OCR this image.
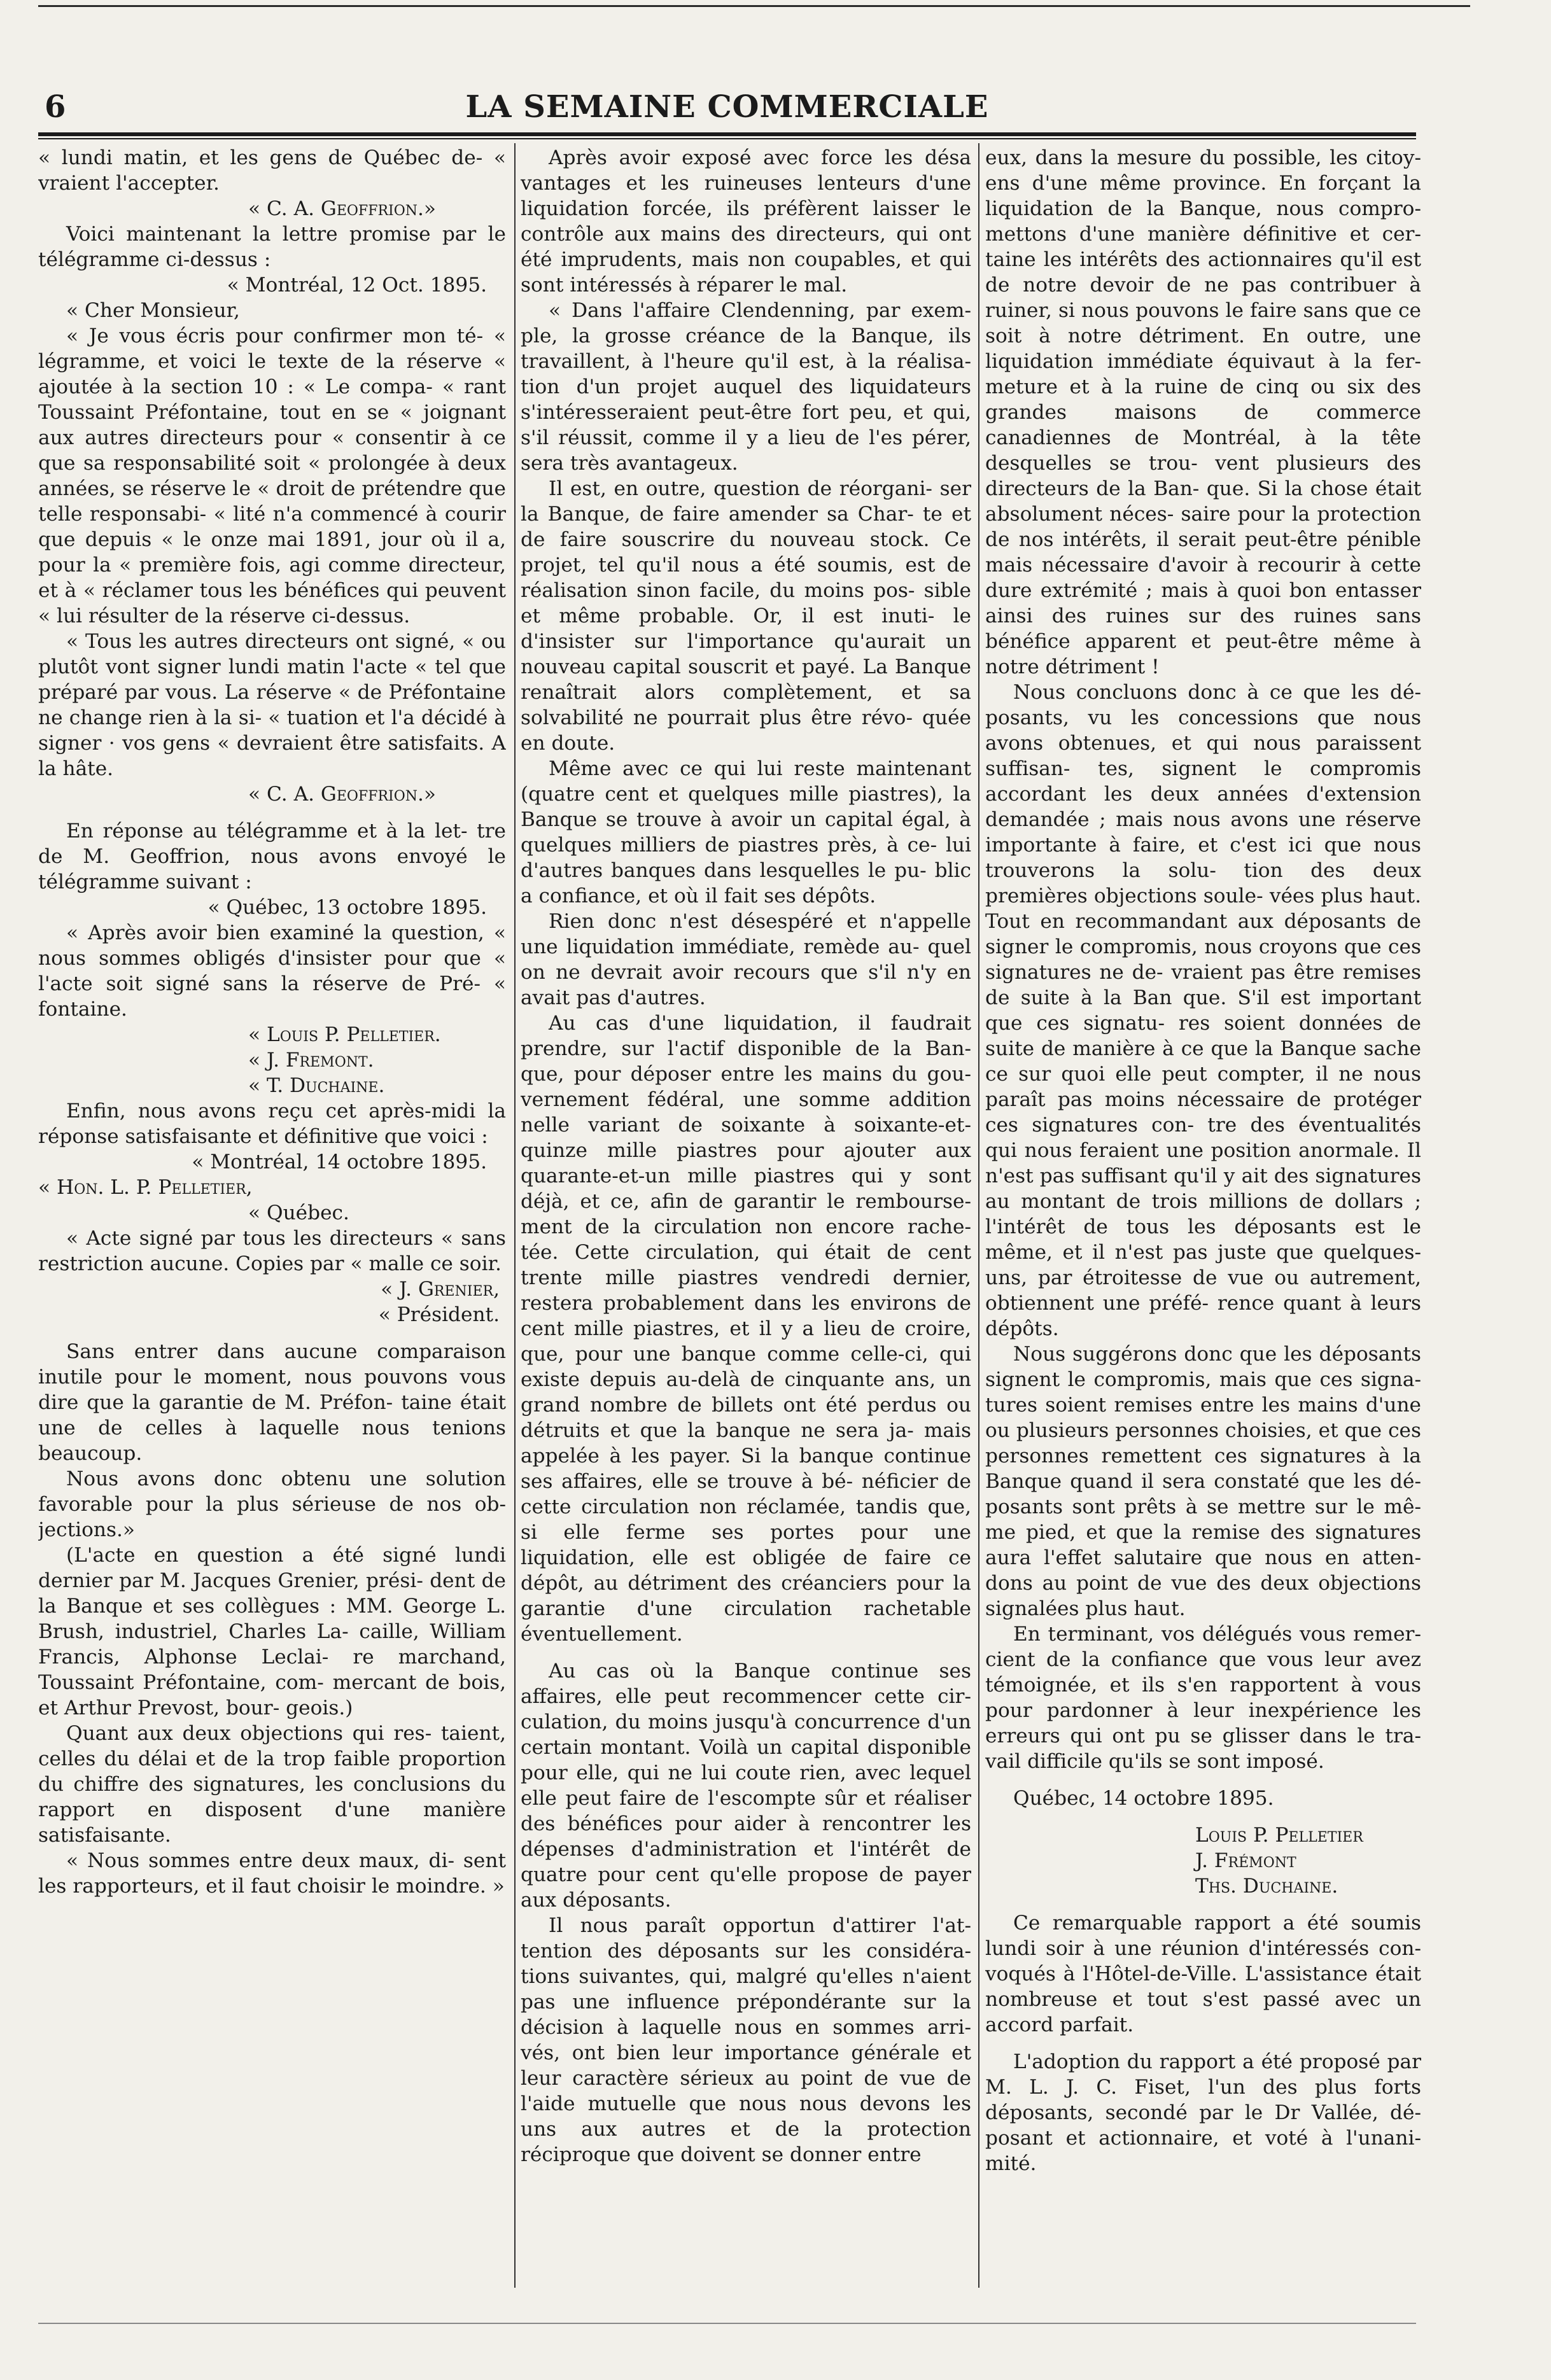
6	LA SEMAINE COMMERCIALE

« lundi matin, et les gens de Québec de- « vraient l'accepter.

« C. A. Geoffrion.»

Voici maintenant la lettre promise par le télégramme ci-dessus :

« Montréal, 12 Oct. 1895.

« Cher Monsieur,

« Je vous écris pour confirmer mon té- « légramme, et voici le texte de la réserve « ajoutée à la section 10 : « Le compa- « rant Toussaint Préfontaine, tout en se « joignant aux autres directeurs pour « consentir à ce que sa responsabilité soit « prolongée à deux années, se réserve le « droit de prétendre que telle responsabi- « lité n'a commencé à courir que depuis « le onze mai 1891, jour où il a, pour la « première fois, agi comme directeur, et à « réclamer tous les bénéfices qui peuvent « lui résulter de la réserve ci-dessus.

« Tous les autres directeurs ont signé, « ou plutôt vont signer lundi matin l'acte « tel que préparé par vous. La réserve « de Préfontaine ne change rien à la si- « tuation et l'a décidé à signer · vos gens « devraient être satisfaits. A la hâte.

« C. A. Geoffrion.»

En réponse au télégramme et à la let- tre de M. Geoffrion, nous avons envoyé le télégramme suivant :

« Québec, 13 octobre 1895.

« Après avoir bien examiné la question, « nous sommes obligés d'insister pour que « l'acte soit signé sans la réserve de Pré- « fontaine.

« Louis P. Pelletier.

« J. Fremont.

« T. Duchaine.

Enfin, nous avons reçu cet après-midi la réponse satisfaisante et définitive que voici :

« Montréal, 14 octobre 1895.

« Hon. L. P. Pelletier,

« Québec.

« Acte signé par tous les directeurs « sans restriction aucune. Copies par « malle ce soir.

« J. Grenier,

« Président.

Sans entrer dans aucune comparaison inutile pour le moment, nous pouvons vous dire que la garantie de M. Préfon- taine était une de celles à laquelle nous tenions beaucoup.

Nous avons donc obtenu une solution favorable pour la plus sérieuse de nos ob- jections.»

(L'acte en question a été signé lundi dernier par M. Jacques Grenier, prési- dent de la Banque et ses collègues : MM. George L. Brush, industriel, Charles La- caille, William Francis, Alphonse Leclai- re marchand, Toussaint Préfontaine, com- mercant de bois, et Arthur Prevost, bour- geois.)

Quant aux deux objections qui res- taient, celles du délai et de la trop faible proportion du chiffre des signatures, les conclusions du rapport en disposent d'une manière satisfaisante.

« Nous sommes entre deux maux, di- sent les rapporteurs, et il faut choisir le moindre. »

Après avoir exposé avec force les désa vantages et les ruineuses lenteurs d'une liquidation forcée, ils préfèrent laisser le contrôle aux mains des directeurs, qui ont été imprudents, mais non coupables, et qui sont intéressés à réparer le mal.

« Dans l'affaire Clendenning, par exem- ple, la grosse créance de la Banque, ils travaillent, à l'heure qu'il est, à la réalisa- tion d'un projet auquel des liquidateurs s'intéresseraient peut-être fort peu, et qui, s'il réussit, comme il y a lieu de l'es pérer, sera très avantageux.

Il est, en outre, question de réorgani- ser la Banque, de faire amender sa Char- te et de faire souscrire du nouveau stock. Ce projet, tel qu'il nous a été soumis, est de réalisation sinon facile, du moins pos- sible et même probable. Or, il est inuti- le d'insister sur l'importance qu'aurait un nouveau capital souscrit et payé. La Banque renaîtrait alors complètement, et sa solvabilité ne pourrait plus être révo- quée en doute.

Même avec ce qui lui reste maintenant (quatre cent et quelques mille piastres), la Banque se trouve à avoir un capital égal, à quelques milliers de piastres près, à ce- lui d'autres banques dans lesquelles le pu- blic a confiance, et où il fait ses dépôts.

Rien donc n'est désespéré et n'appelle une liquidation immédiate, remède au- quel on ne devrait avoir recours que s'il n'y en avait pas d'autres.

Au cas d'une liquidation, il faudrait prendre, sur l'actif disponible de la Ban- que, pour déposer entre les mains du gou- vernement fédéral, une somme addition nelle variant de soixante à soixante-et- quinze mille piastres pour ajouter aux quarante-et-un mille piastres qui y sont déjà, et ce, afin de garantir le rembourse- ment de la circulation non encore rache- tée. Cette circulation, qui était de cent trente mille piastres vendredi dernier, restera probablement dans les environs de cent mille piastres, et il y a lieu de croire, que, pour une banque comme celle-ci, qui existe depuis au-delà de cinquante ans, un grand nombre de billets ont été perdus ou détruits et que la banque ne sera ja- mais appelée à les payer. Si la banque continue ses affaires, elle se trouve à bé- néficier de cette circulation non réclamée, tandis que, si elle ferme ses portes pour une liquidation, elle est obligée de faire ce dépôt, au détriment des créanciers pour la garantie d'une circulation rachetable éventuellement.

Au cas où la Banque continue ses affaires, elle peut recommencer cette cir- culation, du moins jusqu'à concurrence d'un certain montant. Voilà un capital disponible pour elle, qui ne lui coute rien, avec lequel elle peut faire de l'escompte sûr et réaliser des bénéfices pour aider à rencontrer les dépenses d'administration et l'intérêt de quatre pour cent qu'elle propose de payer aux déposants.

Il nous paraît opportun d'attirer l'at- tention des déposants sur les considéra- tions suivantes, qui, malgré qu'elles n'aient pas une influence prépondérante sur la décision à laquelle nous en sommes arri- vés, ont bien leur importance générale et leur caractère sérieux au point de vue de l'aide mutuelle que nous nous devons les uns aux autres et de la protection réciproque que doivent se donner entre

eux, dans la mesure du possible, les citoy- ens d'une même province. En forçant la liquidation de la Banque, nous compro- mettons d'une manière définitive et cer- taine les intérêts des actionnaires qu'il est de notre devoir de ne pas contribuer à ruiner, si nous pouvons le faire sans que ce soit à notre détriment. En outre, une liquidation immédiate équivaut à la fer- meture et à la ruine de cinq ou six des grandes maisons de commerce canadiennes de Montréal, à la tête desquelles se trou- vent plusieurs des directeurs de la Ban- que. Si la chose était absolument néces- saire pour la protection de nos intérêts, il serait peut-être pénible mais nécessaire d'avoir à recourir à cette dure extrémité ; mais à quoi bon entasser ainsi des ruines sur des ruines sans bénéfice apparent et peut-être même à notre détriment !

Nous concluons donc à ce que les dé- posants, vu les concessions que nous avons obtenues, et qui nous paraissent suffisan- tes, signent le compromis accordant les deux années d'extension demandée ; mais nous avons une réserve importante à faire, et c'est ici que nous trouverons la solu- tion des deux premières objections soule- vées plus haut. Tout en recommandant aux déposants de signer le compromis, nous croyons que ces signatures ne de- vraient pas être remises de suite à la Ban que. S'il est important que ces signatu- res soient données de suite de manière à ce que la Banque sache ce sur quoi elle peut compter, il ne nous paraît pas moins nécessaire de protéger ces signatures con- tre des éventualités qui nous feraient une position anormale. Il n'est pas suffisant qu'il y ait des signatures au montant de trois millions de dollars ; l'intérêt de tous les déposants est le même, et il n'est pas juste que quelques-uns, par étroitesse de vue ou autrement, obtiennent une préfé- rence quant à leurs dépôts.

Nous suggérons donc que les déposants signent le compromis, mais que ces signa- tures soient remises entre les mains d'une ou plusieurs personnes choisies, et que ces personnes remettent ces signatures à la Banque quand il sera constaté que les dé- posants sont prêts à se mettre sur le mê- me pied, et que la remise des signatures aura l'effet salutaire que nous en atten- dons au point de vue des deux objections signalées plus haut.

En terminant, vos délégués vous remer- cient de la confiance que vous leur avez témoignée, et ils s'en rapportent à vous pour pardonner à leur inexpérience les erreurs qui ont pu se glisser dans le tra- vail difficile qu'ils se sont imposé.

Québec, 14 octobre 1895.

Louis P. Pelletier

J. Frémont

Ths. Duchaine.

Ce remarquable rapport a été soumis lundi soir à une réunion d'intéressés con- voqués à l'Hôtel-de-Ville. L'assistance était nombreuse et tout s'est passé avec un accord parfait.

L'adoption du rapport a été proposé par M. L. J. C. Fiset, l'un des plus forts déposants, secondé par le Dr Vallée, dé- posant et actionnaire, et voté à l'unani- mité.
